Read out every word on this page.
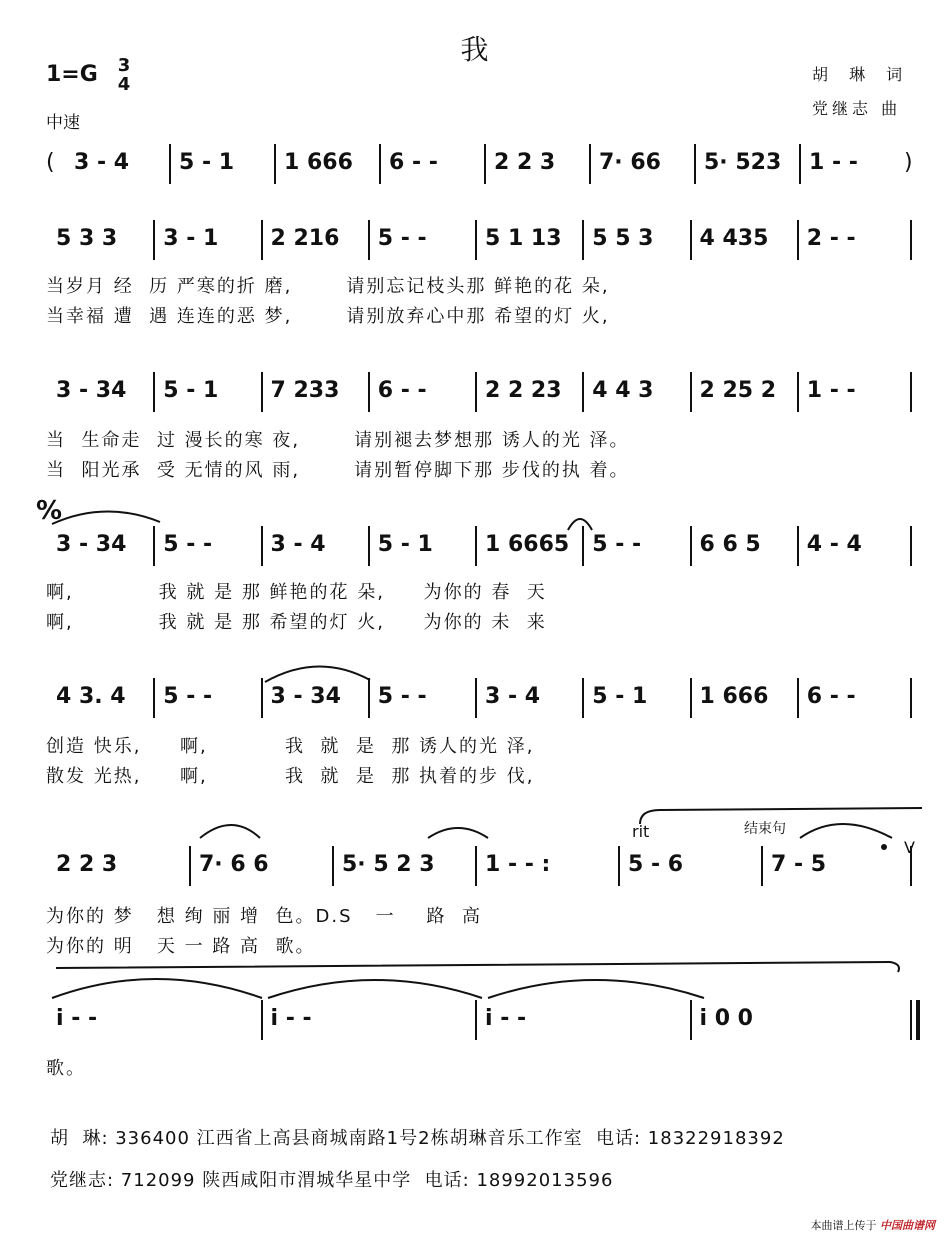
我
1=G 3
4
中速
胡 琳 词
党继志 曲
( 3 - 4 5 - 1 1 666 6 - -	2 2 3 7· 66 5· 523 1 - - )
5 3 3 3 - 1 2 216 5 - -	5 1 13 5 5 3 4 435 2 - -
3 - 34 5 - 1 7 233 6 - -	2 2 23 4 4 3 2 25 2 1 - -
3 - 34 5 - -	3 - 4 5 - 1 1 6665 5 - -	6 6 5 4 - 4
4 3. 4 5 - -	3 - 34 5 - -	3 - 4 5 - 1 1 666 6 - -
2 2 3	7· 6 6	5· 5 2 3 1 - - :	5 - 6	7 - 5
i - -	i - -	i - -	i 0 0
%
rit	结束句
V
当岁月 经  历 严寒的折 磨,       请别忘记枝头那 鲜艳的花 朵,
当幸福 遭  遇 连连的恶 梦,       请别放弃心中那 希望的灯 火,
当  生命走  过 漫长的寒 夜,       请别褪去梦想那 诱人的光 泽。
当  阳光承  受 无情的风 雨,       请别暂停脚下那 步伐的执 着。
啊,           我 就 是 那 鲜艳的花 朵,     为你的 春  天
啊,           我 就 是 那 希望的灯 火,     为你的 未  来
创造 快乐,     啊,          我  就  是  那 诱人的光 泽,
散发 光热,     啊,          我  就  是  那 执着的步 伐,
为你的 梦   想 绚 丽 增  色。D.S   一    路  高
为你的 明   天 一 路 高  歌。
歌。
胡  琳: 336400 江西省上高县商城南路1号2栋胡琳音乐工作室  电话: 18322918392
党继志: 712099 陕西咸阳市渭城华星中学  电话: 18992013596
本曲谱上传于 中国曲谱网
